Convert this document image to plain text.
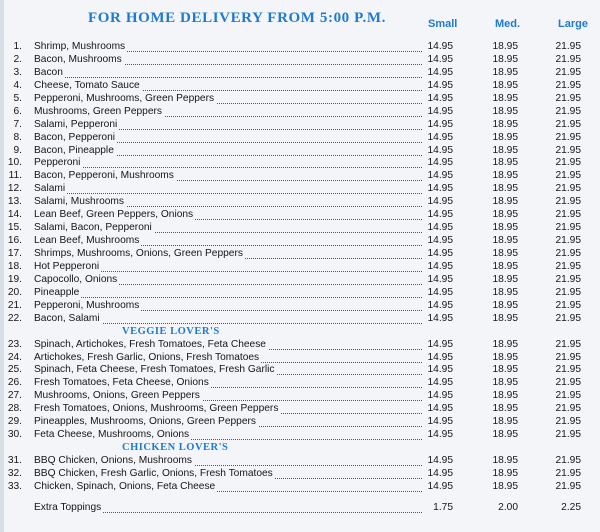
FOR HOME DELIVERY FROM 5:00 P.M.	Small	Med.	Large
1. Shrimp, Mushrooms	14.95	18.95	21.95
2. Bacon, Mushrooms	14.95	18.95	21.95
3. Bacon	14.95	18.95	21.95
4. Cheese, Tomato Sauce	14.95	18.95	21.95
5. Pepperoni, Mushrooms, Green Peppers	14.95	18.95	21.95
6. Mushrooms, Green Peppers	14.95	18.95	21.95
7. Salami, Pepperoni	14.95	18.95	21.95
8. Bacon, Pepperoni	14.95	18.95	21.95
9. Bacon, Pineapple	14.95	18.95	21.95
10. Pepperoni	14.95	18.95	21.95
11. Bacon, Pepperoni, Mushrooms	14.95	18.95	21.95
12. Salami	14.95	18.95	21.95
13. Salami, Mushrooms	14.95	18.95	21.95
14. Lean Beef, Green Peppers, Onions	14.95	18.95	21.95
15. Salami, Bacon, Pepperoni	14.95	18.95	21.95
16. Lean Beef, Mushrooms	14.95	18.95	21.95
17. Shrimps, Mushrooms, Onions, Green Peppers	14.95	18.95	21.95
18. Hot Pepperoni	14.95	18.95	21.95
19. Capocollo, Onions	14.95	18.95	21.95
20. Pineapple	14.95	18.95	21.95
21. Pepperoni, Mushrooms	14.95	18.95	21.95
22. Bacon, Salami	14.95	18.95	21.95
VEGGIE LOVER'S
23. Spinach, Artichokes, Fresh Tomatoes, Feta Cheese	14.95	18.95	21.95
24. Artichokes, Fresh Garlic, Onions, Fresh Tomatoes	14.95	18.95	21.95
25. Spinach, Feta Cheese, Fresh Tomatoes, Fresh Garlic	14.95	18.95	21.95
26. Fresh Tomatoes, Feta Cheese, Onions	14.95	18.95	21.95
27. Mushrooms, Onions, Green Peppers	14.95	18.95	21.95
28. Fresh Tomatoes, Onions, Mushrooms, Green Peppers	14.95	18.95	21.95
29. Pineapples, Mushrooms, Onions, Green Peppers	14.95	18.95	21.95
30. Feta Cheese, Mushrooms, Onions	14.95	18.95	21.95
CHICKEN LOVER'S
31. BBQ Chicken, Onions, Mushrooms	14.95	18.95	21.95
32. BBQ Chicken, Fresh Garlic, Onions, Fresh Tomatoes	14.95	18.95	21.95
33. Chicken, Spinach, Onions, Feta Cheese	14.95	18.95	21.95
Extra Toppings	1.75	2.00	2.25
